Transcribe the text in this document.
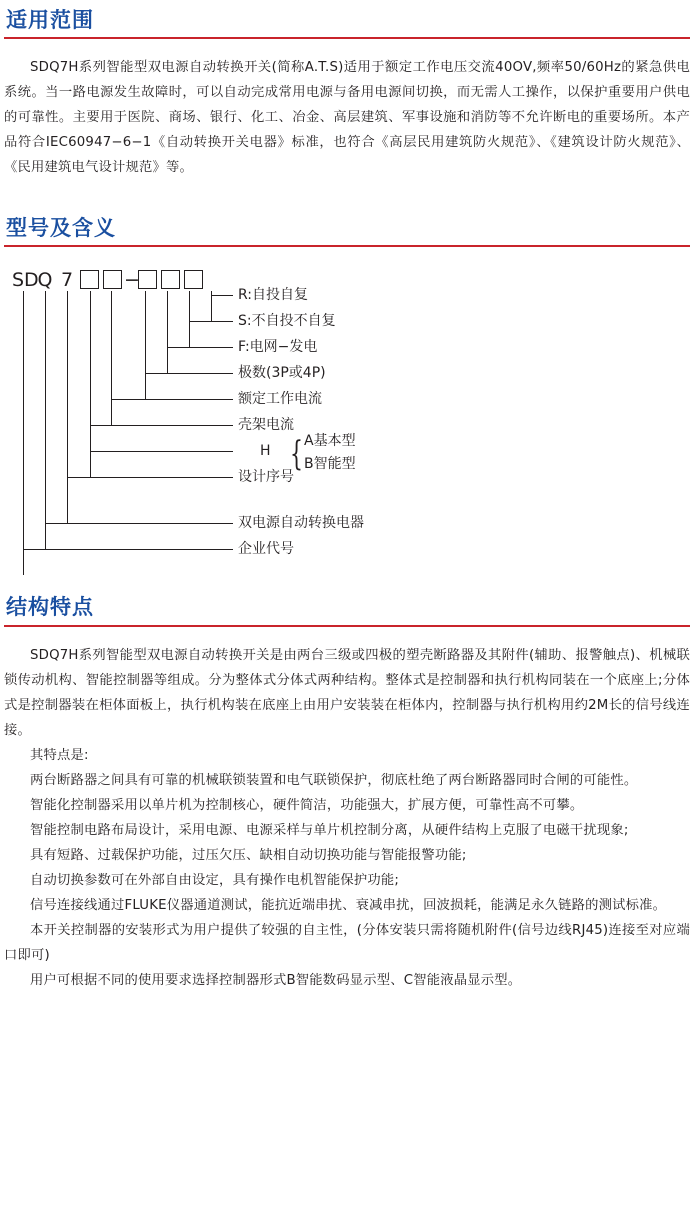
适用范围

SDQ7H系列智能型双电源自动转换开关(简称A.T.S)适用于额定工作电压交流40OV,频率50/60Hz的紧急供电系统。当一路电源发生故障时，可以自动完成常用电源与备用电源间切换，而无需人工操作，以保护重要用户供电的可靠性。主要用于医院、商场、银行、化工、冶金、高层建筑、军事设施和消防等不允许断电的重要场所。本产品符合IEC60947−6−1《自动转换开关电器》标准，也符合《高层民用建筑防火规范》、《建筑设计防火规范》、《民用建筑电气设计规范》等。

型号及含义
SD
Q 7	−
R:自投自复
S:不自投不自复
F:电网−发电
极数(3P或4P)
额定工作电流
壳架电流
H { A基本型
B智能型
设计序号
双电源自动转换电器
企业代号
结构特点

SDQ7H系列智能型双电源自动转换开关是由两台三级或四极的塑壳断路器及其附件(辅助、报警触点)、机械联锁传动机构、智能控制器等组成。分为整体式分体式两种结构。整体式是控制器和执行机构同装在一个底座上;分体式是控制器装在柜体面板上，执行机构装在底座上由用户安装装在柜体内，控制器与执行机构用约2M长的信号线连接。

其特点是:

两台断路器之间具有可靠的机械联锁装置和电气联锁保护，彻底杜绝了两台断路器同时合闸的可能性。

智能化控制器采用以单片机为控制核心，硬件简洁，功能强大，扩展方便，可靠性高不可攀。

智能控制电路布局设计，采用电源、电源采样与单片机控制分离，从硬件结构上克服了电磁干扰现象;

具有短路、过载保护功能，过压欠压、缺相自动切换功能与智能报警功能;

自动切换参数可在外部自由设定，具有操作电机智能保护功能;

信号连接线通过FLUKE仪器通道测试，能抗近端串扰、衰减串扰，回波损耗，能满足永久链路的测试标准。

本开关控制器的安装形式为用户提供了较强的自主性，(分体安装只需将随机附件(信号边线RJ45)连接至对应端口即可)

用户可根据不同的使用要求选择控制器形式B智能数码显示型、C智能液晶显示型。
